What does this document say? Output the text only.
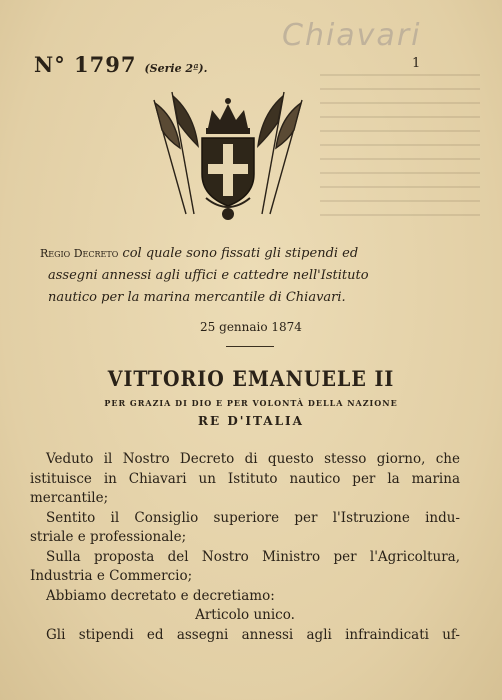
Chiavari
N° 1797 (Serie 2ª).	1
Regio Decreto col quale sono fissati gli stipendi ed
assegni annessi agli uffici e cattedre nell'Istituto
nautico per la marina mercantile di Chiavari.
25 gennaio 1874
VITTORIO EMANUELE II
PER GRAZIA DI DIO E PER VOLONTÀ DELLA NAZIONE
RE D'ITALIA

Veduto il Nostro Decreto di questo stesso giorno, che

istituisce in Chiavari un Istituto nautico per la marina

mercantile;

Sentito il Consiglio superiore per l'Istruzione indu-

striale e professionale;

Sulla proposta del Nostro Ministro per l'Agricoltura,

Industria e Commercio;

Abbiamo decretato e decretiamo:

Articolo unico.

Gli stipendi ed assegni annessi agli infraindicati uf-
